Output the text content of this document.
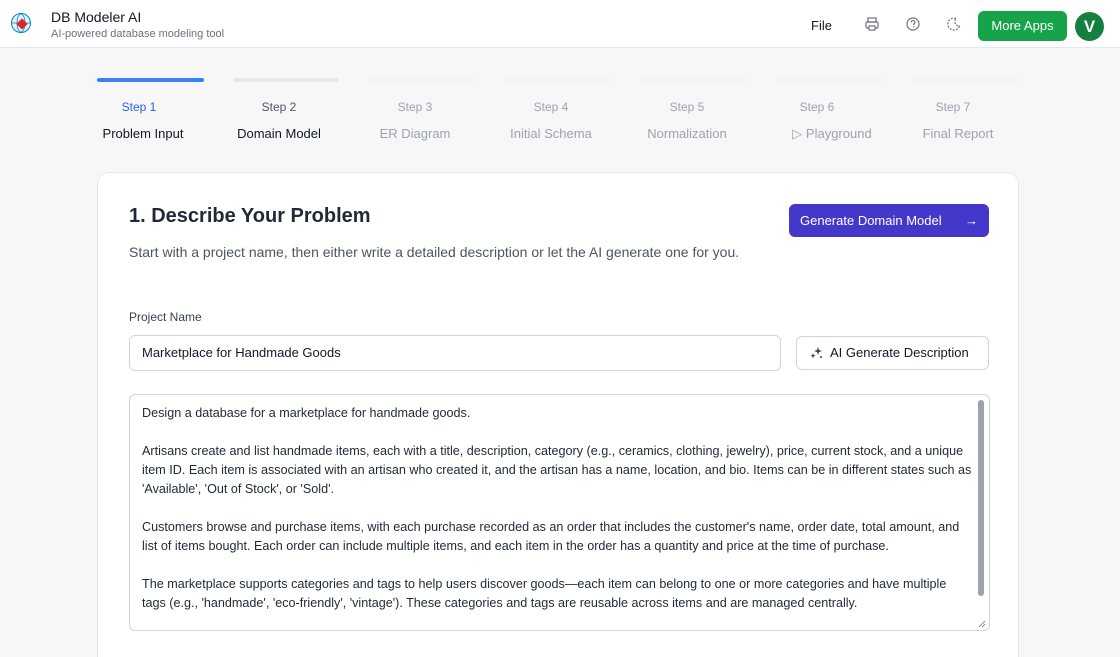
DB Modeler AI
AI-powered database modeling tool
File	More Apps	V
Step 1
Problem Input
Step 2
Domain Model
Step 3
ER Diagram
Step 4
Initial Schema
Step 5
Normalization
Step 6
▷ Playground
Step 7
Final Report
1. Describe Your Problem
Start with a project name, then either write a detailed description or let the AI generate one for you.
Generate Domain Model →
Project Name
Marketplace for Handmade Goods	AI Generate Description

Design a database for a marketplace for handmade goods.

Artisans create and list handmade items, each with a title, description, category (e.g., ceramics, clothing, jewelry), price, current stock, and a unique item ID. Each item is associated with an artisan who created it, and the artisan has a name, location, and bio. Items can be in different states such as 'Available', 'Out of Stock', or 'Sold'.

Customers browse and purchase items, with each purchase recorded as an order that includes the customer's name, order date, total amount, and list of items bought. Each order can include multiple items, and each item in the order has a quantity and price at the time of purchase.

The marketplace supports categories and tags to help users discover goods—each item can belong to one or more categories and have multiple tags (e.g., 'handmade', 'eco-friendly', 'vintage'). These categories and tags are reusable across items and are managed centrally.
